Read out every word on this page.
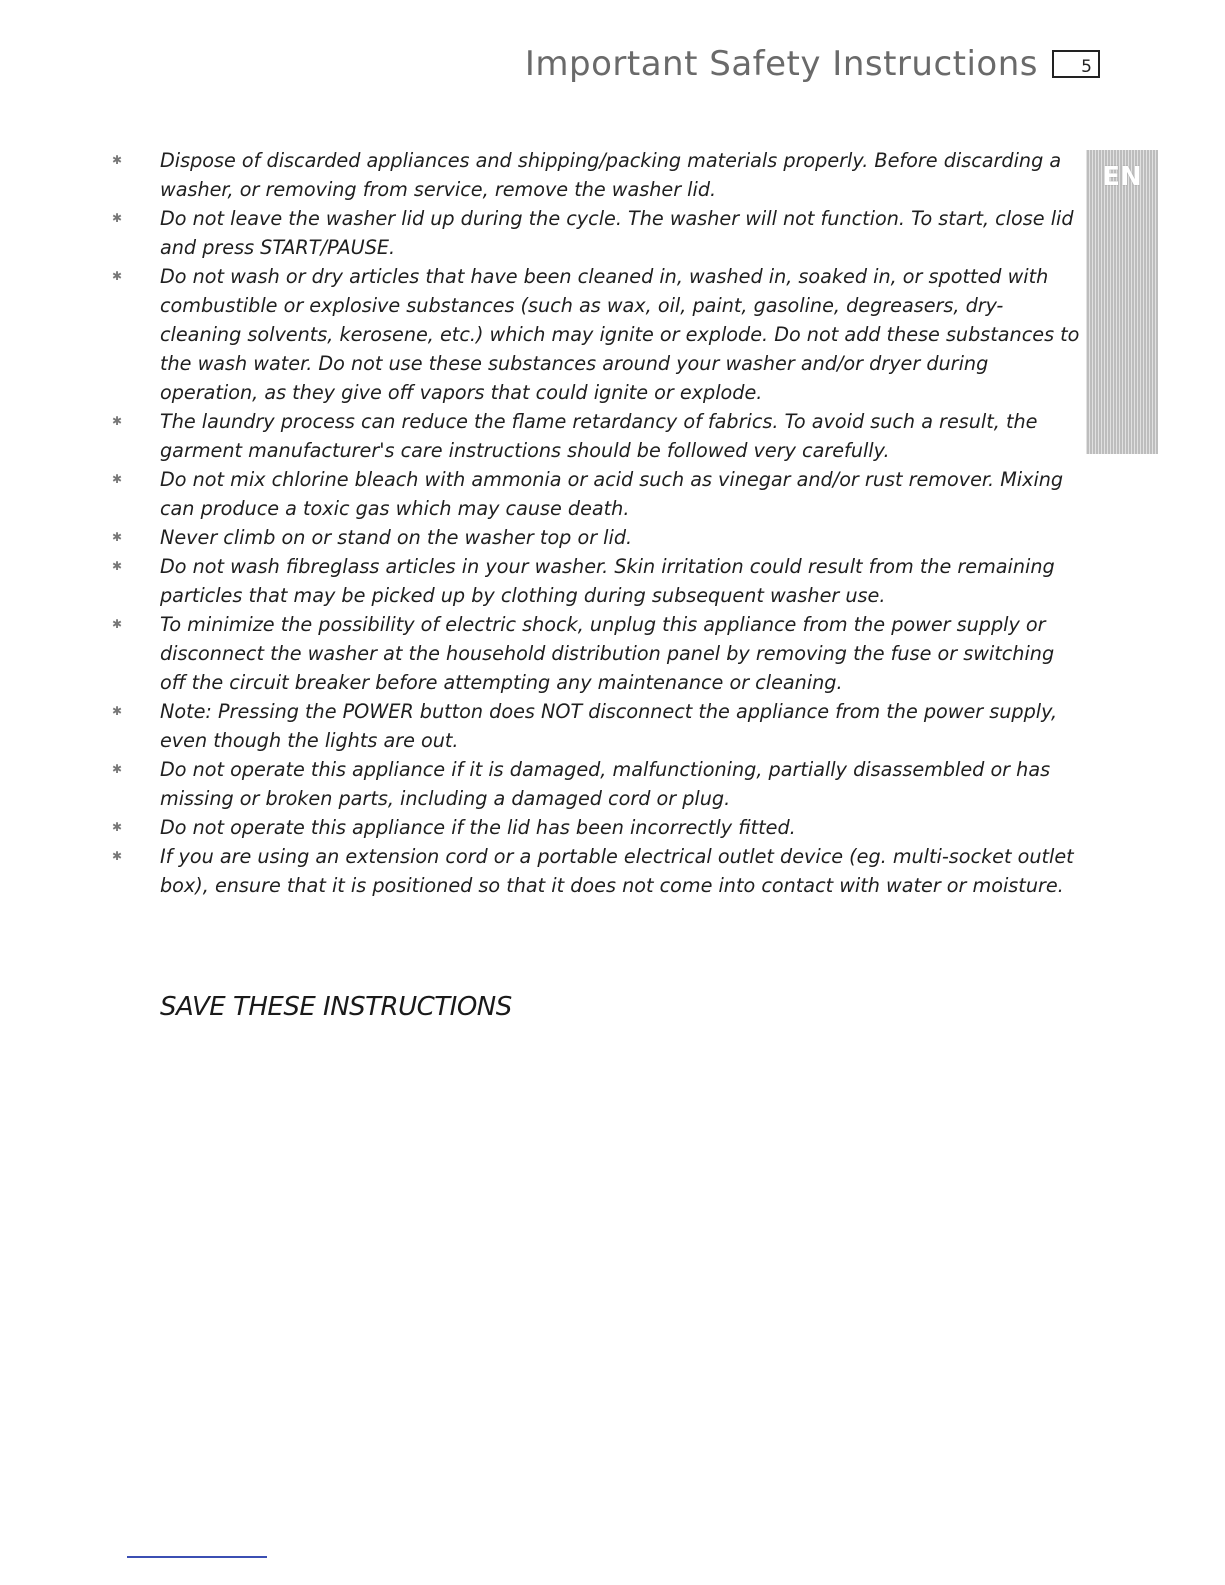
Important Safety Instructions	5
EN
✱	Dispose of discarded appliances and shipping/packing materials properly. Before discarding a washer, or removing from service, remove the washer lid.
✱	Do not leave the washer lid up during the cycle. The washer will not function. To start, close lid and press START/PAUSE.
✱	Do not wash or dry articles that have been cleaned in, washed in, soaked in, or spotted with combustible or explosive substances (such as wax, oil, paint, gasoline, degreasers, dry-cleaning solvents, kerosene, etc.) which may ignite or explode. Do not add these substances to the wash water. Do not use these substances around your washer and/or dryer during operation, as they give off vapors that could ignite or explode.
✱	The laundry process can reduce the flame retardancy of fabrics. To avoid such a result, the garment manufacturer's care instructions should be followed very carefully.
✱	Do not mix chlorine bleach with ammonia or acid such as vinegar and/or rust remover. Mixing can produce a toxic gas which may cause death.
✱	Never climb on or stand on the washer top or lid.
✱	Do not wash fibreglass articles in your washer. Skin irritation could result from the remaining particles that may be picked up by clothing during subsequent washer use.
✱	To minimize the possibility of electric shock, unplug this appliance from the power supply or disconnect the washer at the household distribution panel by removing the fuse or switching off the circuit breaker before attempting any maintenance or cleaning.
✱	Note: Pressing the POWER button does NOT disconnect the appliance from the power supply, even though the lights are out.
✱	Do not operate this appliance if it is damaged, malfunctioning, partially disassembled or has missing or broken parts, including a damaged cord or plug.
✱	Do not operate this appliance if the lid has been incorrectly fitted.
✱	If you are using an extension cord or a portable electrical outlet device (eg. multi-socket outlet box), ensure that it is positioned so that it does not come into contact with water or moisture.
SAVE THESE INSTRUCTIONS
